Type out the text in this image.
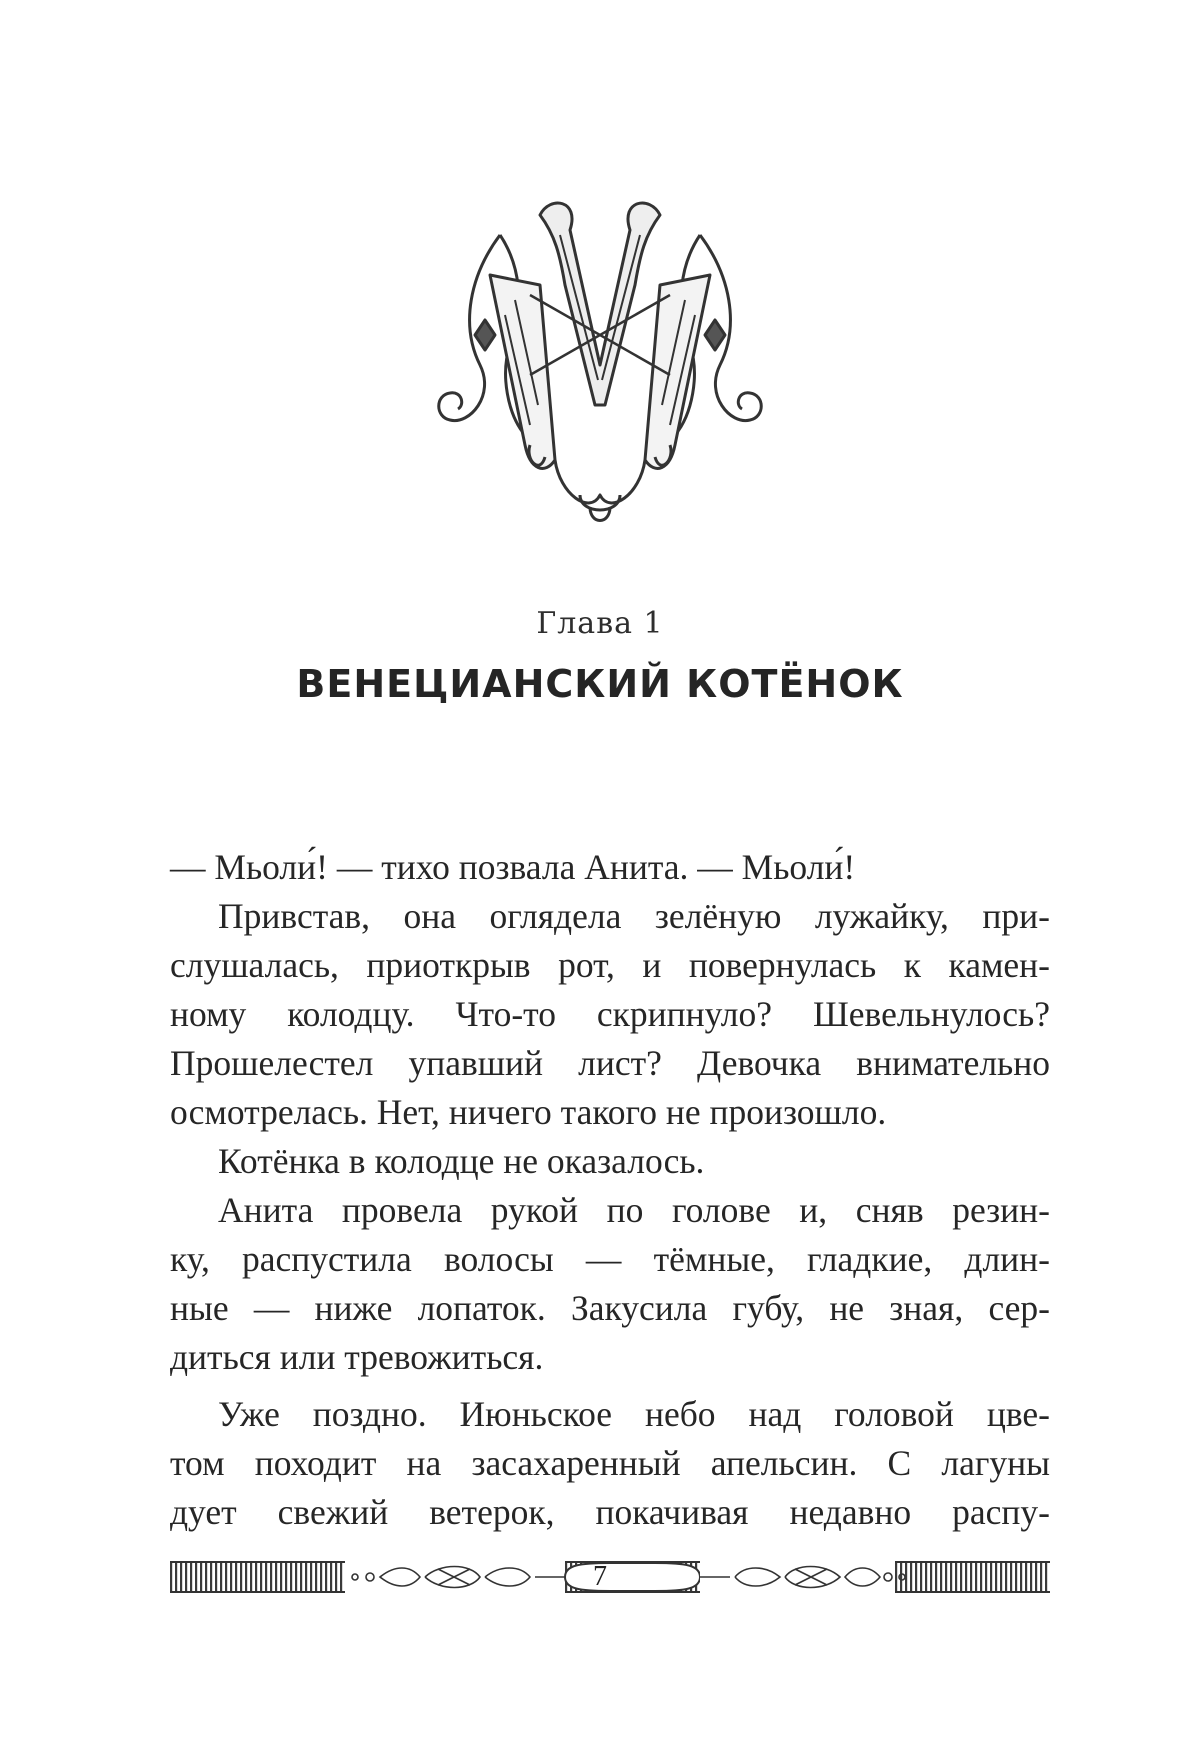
Глава 1
ВЕНЕЦИАНСКИЙ КОТЁНОК
— Мьоли́! — тихо позвала Анита. — Мьоли́!
Привстав, она оглядела зелёную лужайку, при-
слушалась, приоткрыв рот, и повернулась к камен-
ному колодцу. Что-то скрипнуло? Шевельнулось?
Прошелестел упавший лист? Девочка внимательно
осмотрелась. Нет, ничего такого не произошло.
Котёнка в колодце не оказалось.
Анита провела рукой по голове и, сняв резин-
ку, распустила волосы — тёмные, гладкие, длин-
ные — ниже лопаток. Закусила губу, не зная, сер-
диться или тревожиться.
Уже поздно. Июньское небо над головой цве-
том походит на засахаренный апельсин. С лагуны
дует свежий ветерок, покачивая недавно распу-
7
